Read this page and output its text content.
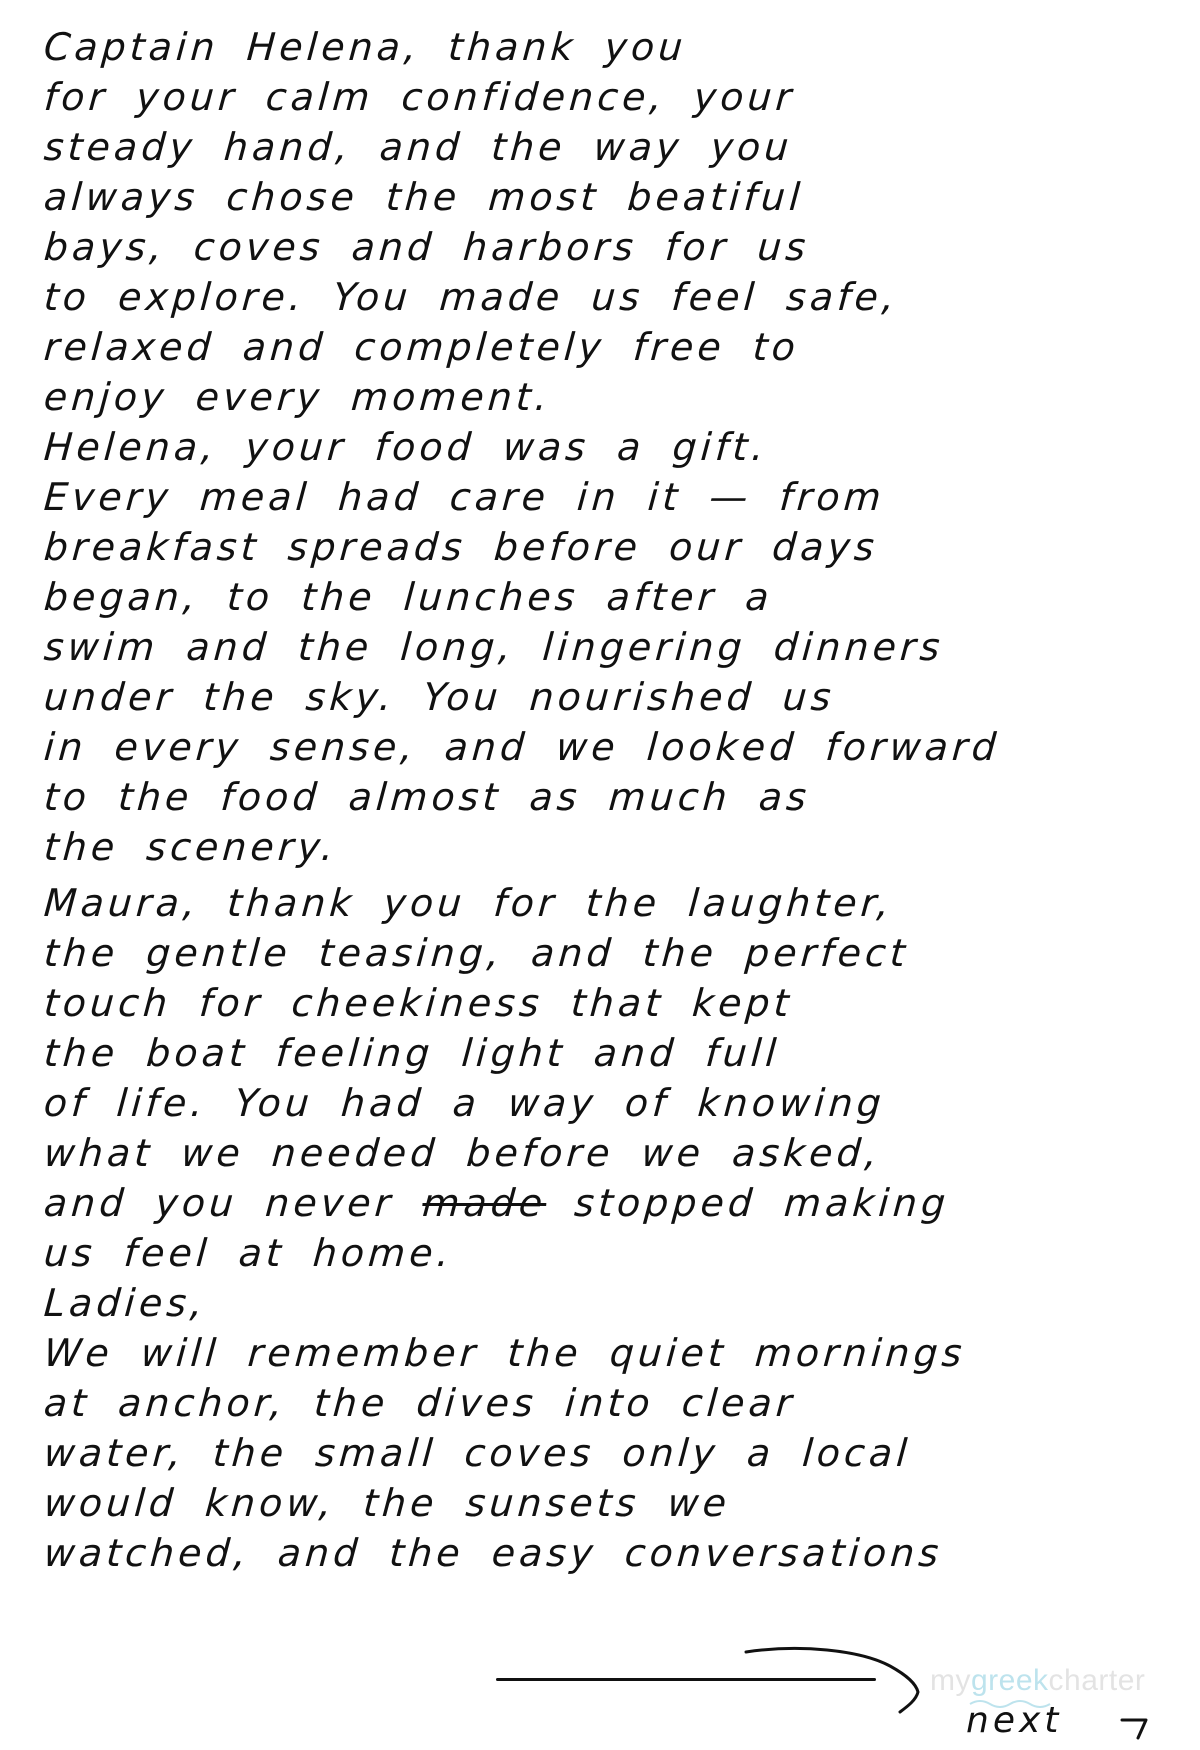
Captain Helena, thank you
for your calm confidence, your
steady hand, and the way you
always chose the most beatiful
bays, coves and harbors for us
to explore. You made us feel safe,
relaxed and completely free to
enjoy every moment.
Helena, your food was a gift.
Every meal had care in it — from
breakfast spreads before our days
began, to the lunches after a
swim and the long, lingering dinners
under the sky. You nourished us
in every sense, and we looked forward
to the food almost as much as
the scenery.
Maura, thank you for the laughter,
the gentle teasing, and the perfect
touch for cheekiness that kept
the boat feeling light and full
of life. You had a way of knowing
what we needed before we asked,
and you never made stopped making
us feel at home.
Ladies,
We will remember the quiet mornings
at anchor, the dives into clear
water, the small coves only a local
would know, the sunsets we
watched, and the easy conversations
next
mygreekcharter
